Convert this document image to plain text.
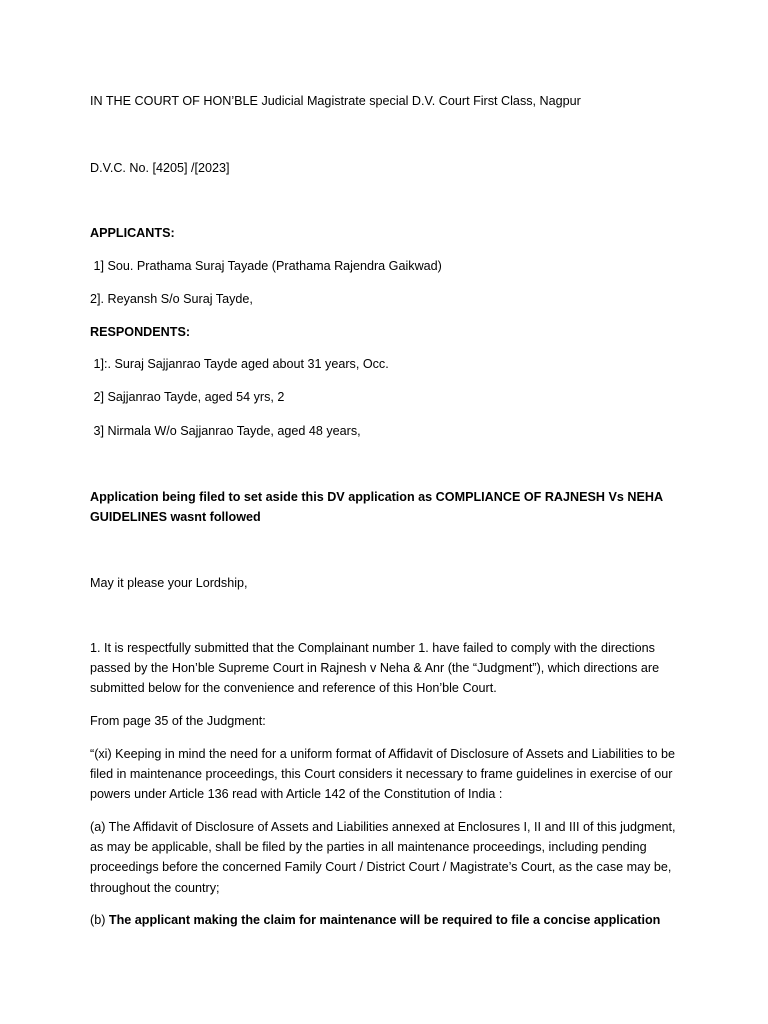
IN THE COURT OF HON’BLE Judicial Magistrate special D.V. Court First Class, Nagpur

D.V.C. No. [4205] /[2023]

APPLICANTS:

1] Sou. Prathama Suraj Tayade (Prathama Rajendra Gaikwad)

2]. Reyansh S/o Suraj Tayde,

RESPONDENTS:

1]:. Suraj Sajjanrao Tayde aged about 31 years, Occ.

2] Sajjanrao Tayde, aged 54 yrs, 2

3] Nirmala W/o Sajjanrao Tayde, aged 48 years,

Application being filed to set aside this DV application as COMPLIANCE OF RAJNESH Vs NEHA GUIDELINES wasnt followed

May it please your Lordship,

1. It is respectfully submitted that the Complainant number 1. have failed to comply with the directions passed by the Hon’ble Supreme Court in Rajnesh v Neha & Anr (the “Judgment”), which directions are submitted below for the convenience and reference of this Hon’ble Court.

From page 35 of the Judgment:

“(xi) Keeping in mind the need for a uniform format of Affidavit of Disclosure of Assets and Liabilities to be filed in maintenance proceedings, this Court considers it necessary to frame guidelines in exercise of our powers under Article 136 read with Article 142 of the Constitution of India :

(a) The Affidavit of Disclosure of Assets and Liabilities annexed at Enclosures I, II and III of this judgment, as may be applicable, shall be filed by the parties in all maintenance proceedings, including pending proceedings before the concerned Family Court / District Court / Magistrate’s Court, as the case may be, throughout the country;

(b) The applicant making the claim for maintenance will be required to file a concise application
